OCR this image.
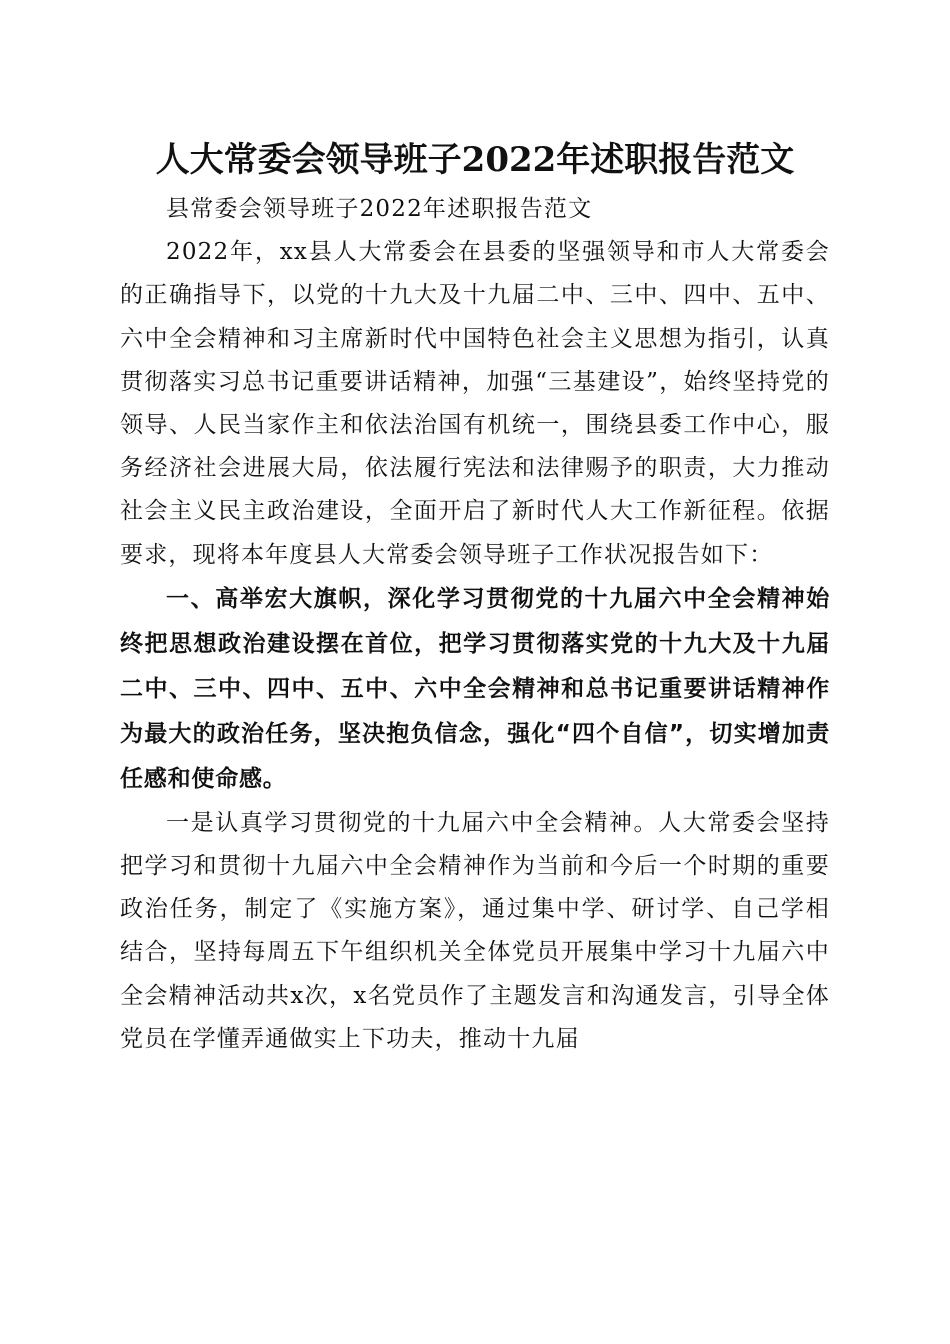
人大常委会领导班子2022年述职报告范文

县常委会领导班子2022年述职报告范文

2022年，xx县人大常委会在县委的坚强领导和市人大常委会的正确指导下，以党的十九大及十九届二中、三中、四中、五中、六中全会精神和习主席新时代中国特色社会主义思想为指引，认真贯彻落实习总书记重要讲话精神，加强“三基建设”，始终坚持党的领导、人民当家作主和依法治国有机统一，围绕县委工作中心，服务经济社会进展大局，依法履行宪法和法律赐予的职责，大力推动社会主义民主政治建设，全面开启了新时代人大工作新征程。依据要求，现将本年度县人大常委会领导班子工作状况报告如下：

一、高举宏大旗帜，深化学习贯彻党的十九届六中全会精神始终把思想政治建设摆在首位，把学习贯彻落实党的十九大及十九届二中、三中、四中、五中、六中全会精神和总书记重要讲话精神作为最大的政治任务，坚决抱负信念，强化“四个自信”，切实增加责任感和使命感。

一是认真学习贯彻党的十九届六中全会精神。人大常委会坚持把学习和贯彻十九届六中全会精神作为当前和今后一个时期的重要政治任务，制定了《实施方案》，通过集中学、研讨学、自己学相结合，坚持每周五下午组织机关全体党员开展集中学习十九届六中全会精神活动共x次，x名党员作了主题发言和沟通发言，引导全体党员在学懂弄通做实上下功夫，推动十九届
